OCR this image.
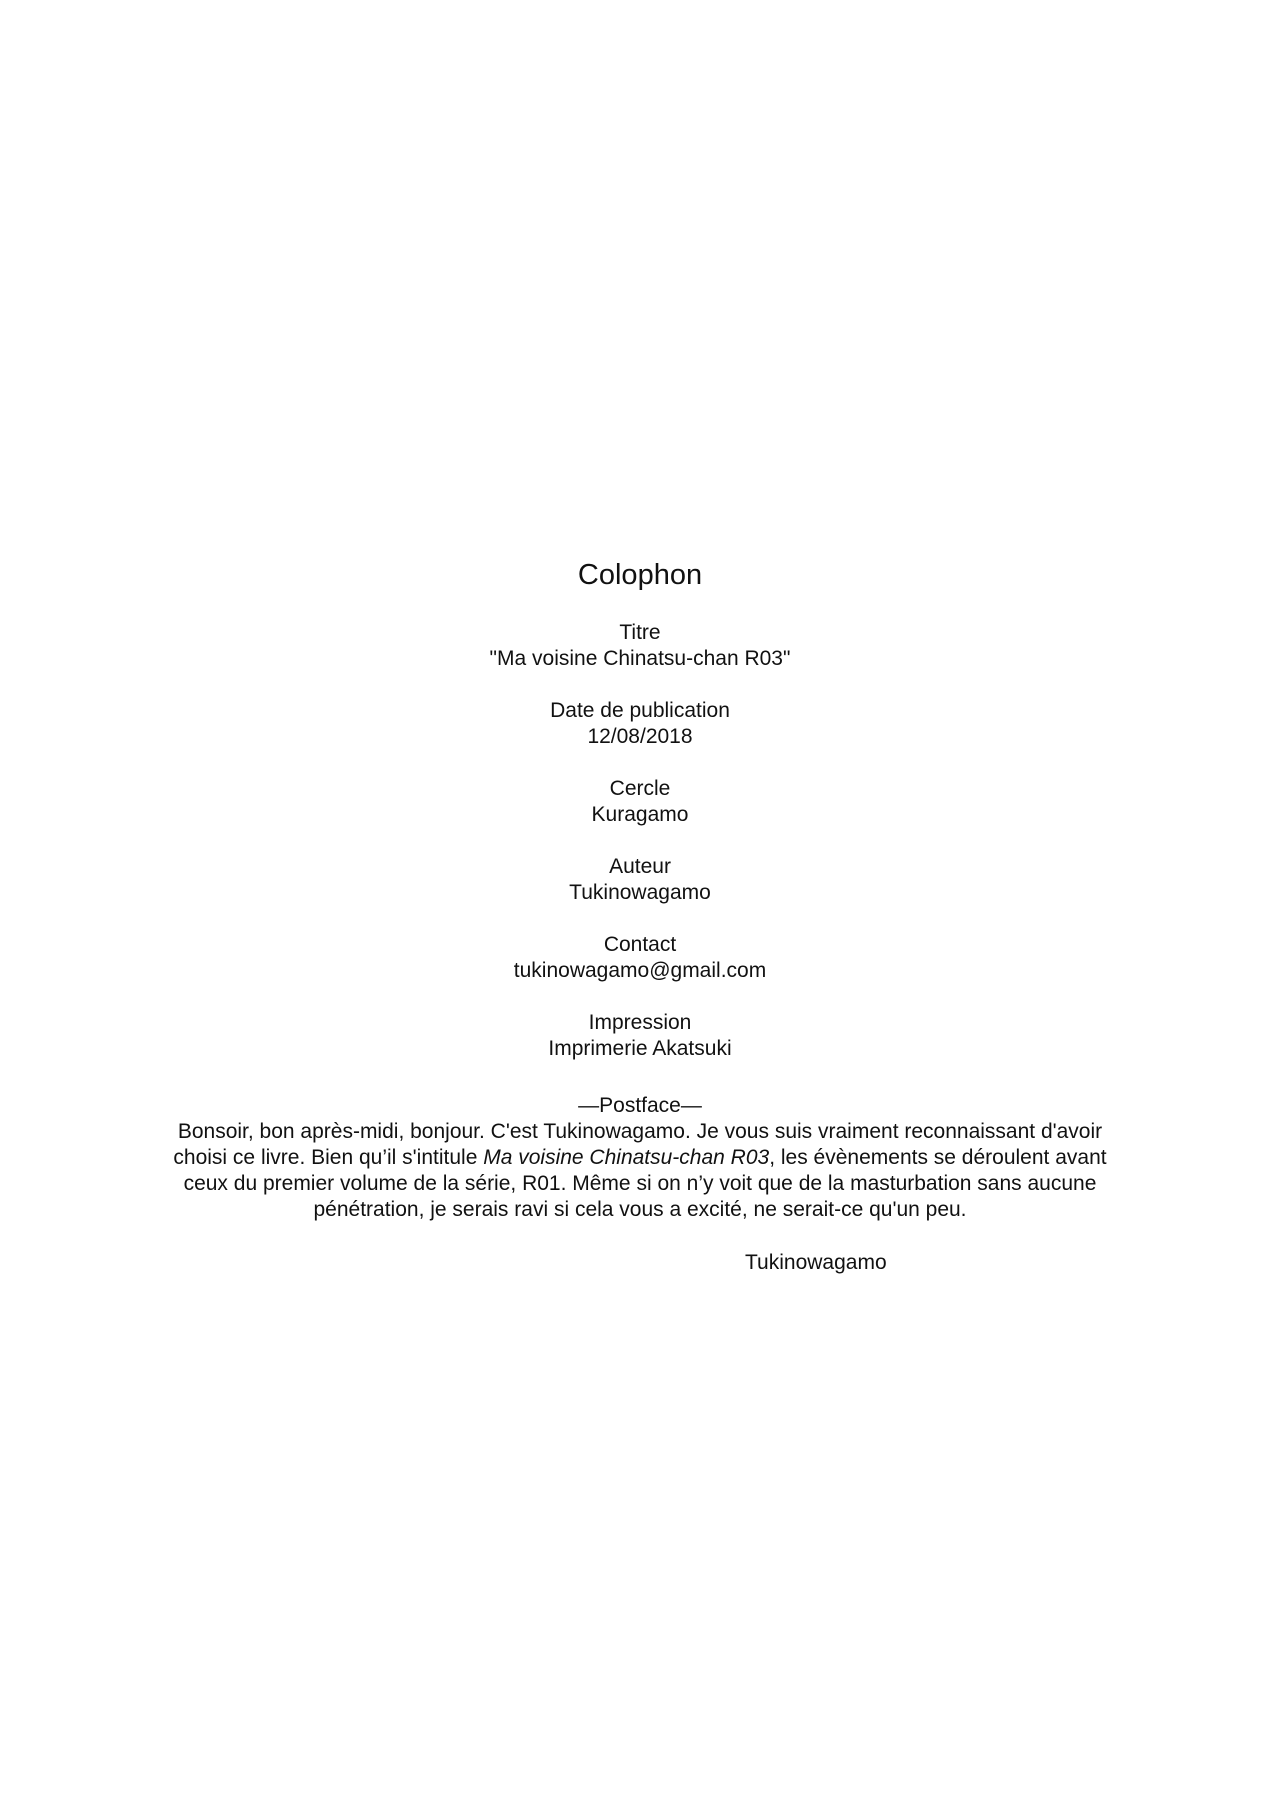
Colophon
Titre
"Ma voisine Chinatsu-chan R03"
Date de publication
12/08/2018
Cercle
Kuragamo
Auteur
Tukinowagamo
Contact
tukinowagamo@gmail.com
Impression
Imprimerie Akatsuki
—Postface—
Bonsoir, bon après-midi, bonjour. C'est Tukinowagamo. Je vous suis vraiment reconnaissant d'avoir choisi ce livre. Bien qu’il s'intitule Ma voisine Chinatsu-chan R03, les évènements se déroulent avant ceux du premier volume de la série, R01. Même si on n’y voit que de la masturbation sans aucune pénétration, je serais ravi si cela vous a excité, ne serait-ce qu'un peu.
Tukinowagamo
